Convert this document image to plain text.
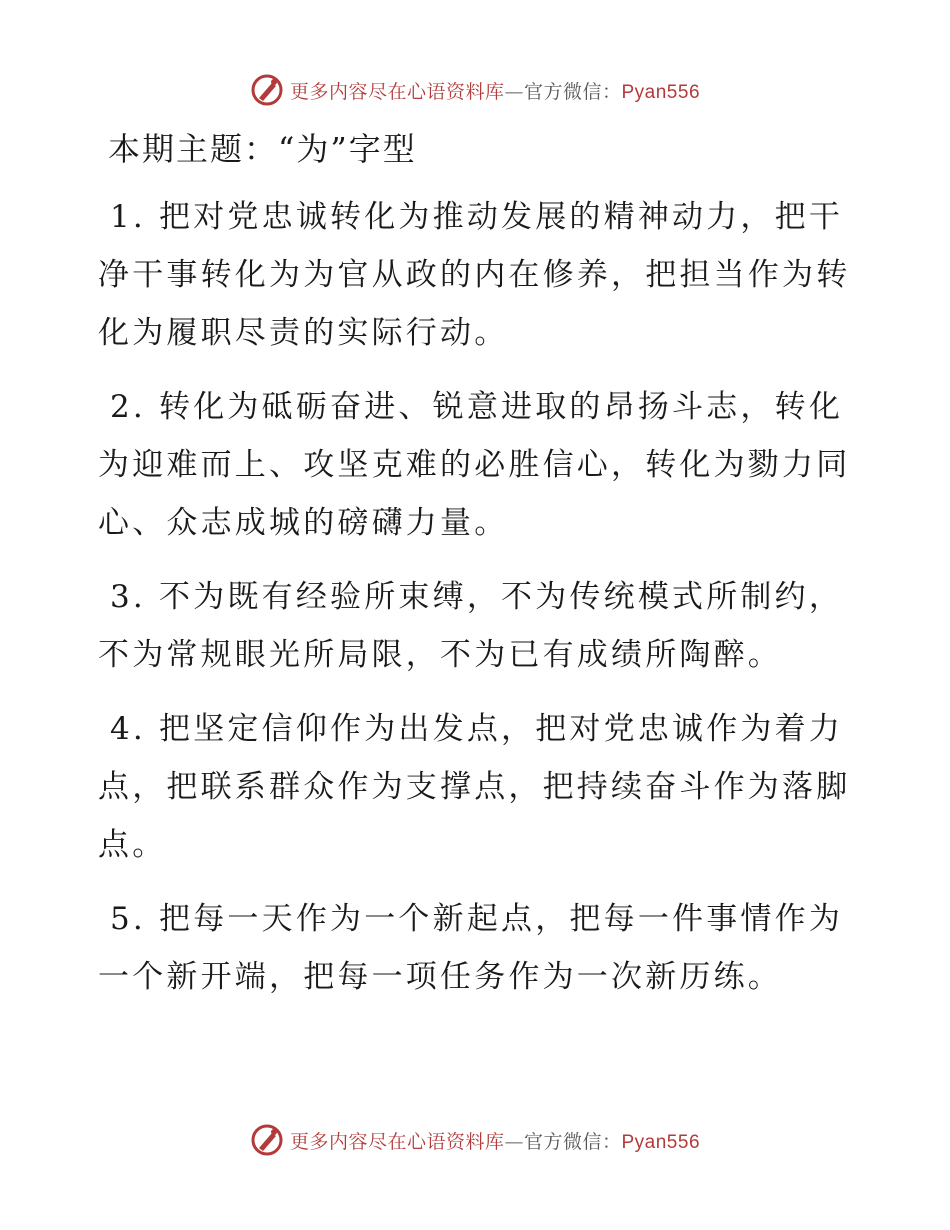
更多内容尽在心语资料库—官方微信：Pyan556
本期主题：“为”字型

1. 把对党忠诚转化为推动发展的精神动力，把干净干事转化为为官从政的内在修养，把担当作为转化为履职尽责的实际行动。

2. 转化为砥砺奋进、锐意进取的昂扬斗志，转化为迎难而上、攻坚克难的必胜信心，转化为勠力同心、众志成城的磅礴力量。

3. 不为既有经验所束缚，不为传统模式所制约，不为常规眼光所局限，不为已有成绩所陶醉。

4. 把坚定信仰作为出发点，把对党忠诚作为着力点，把联系群众作为支撑点，把持续奋斗作为落脚点。

5. 把每一天作为一个新起点，把每一件事情作为一个新开端，把每一项任务作为一次新历练。

更多内容尽在心语资料库—官方微信：Pyan556
